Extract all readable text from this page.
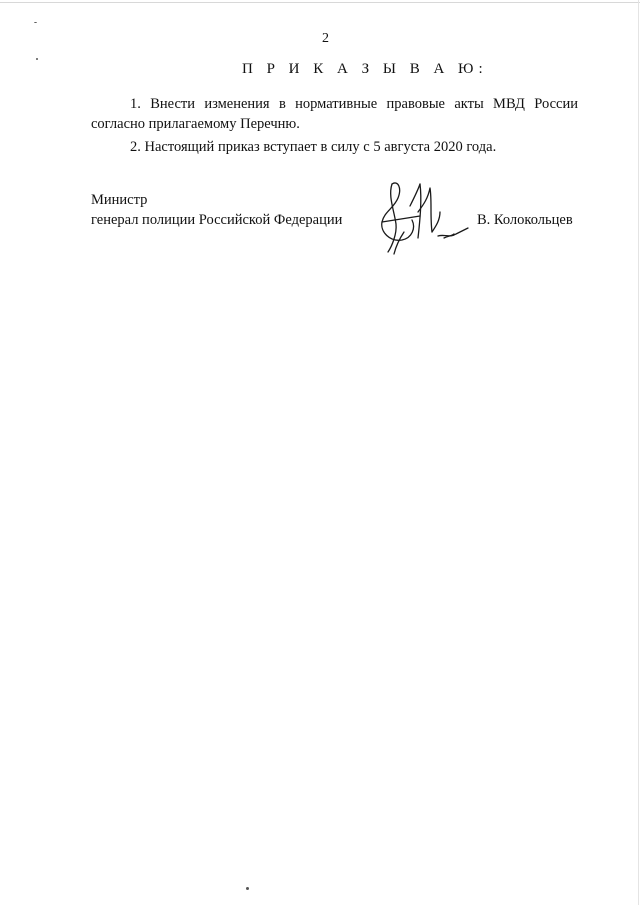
2
П Р И К А З Ы В А Ю:
1. Внести изменения в нормативные правовые акты МВД России
согласно прилагаемому Перечню.
2. Настоящий приказ вступает в силу с 5 августа 2020 года.
Министр
генерал полиции Российской Федерации	В. Колокольцев
